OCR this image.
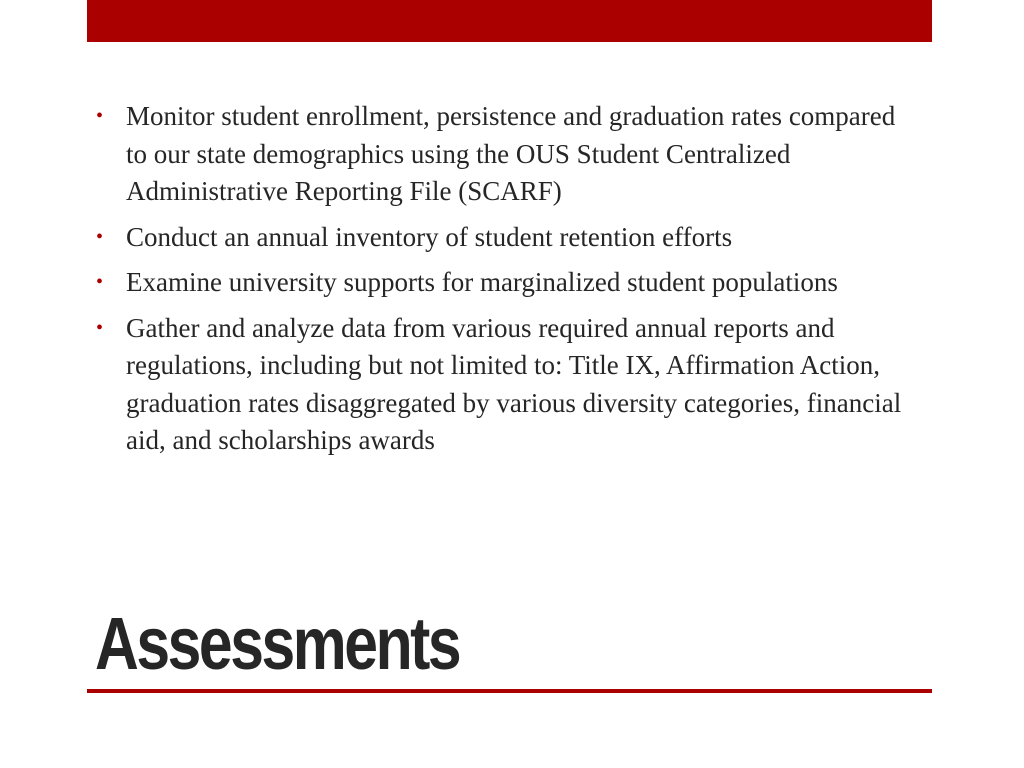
• Monitor student enrollment, persistence and graduation rates compared to our state demographics using the OUS Student Centralized Administrative Reporting File (SCARF)
• Conduct an annual inventory of student retention efforts
• Examine university supports for marginalized student populations
• Gather and analyze data from various required annual reports and regulations, including but not limited to: Title IX, Affirmation Action, graduation rates disaggregated by various diversity categories, financial aid, and scholarships awards
Assessments
